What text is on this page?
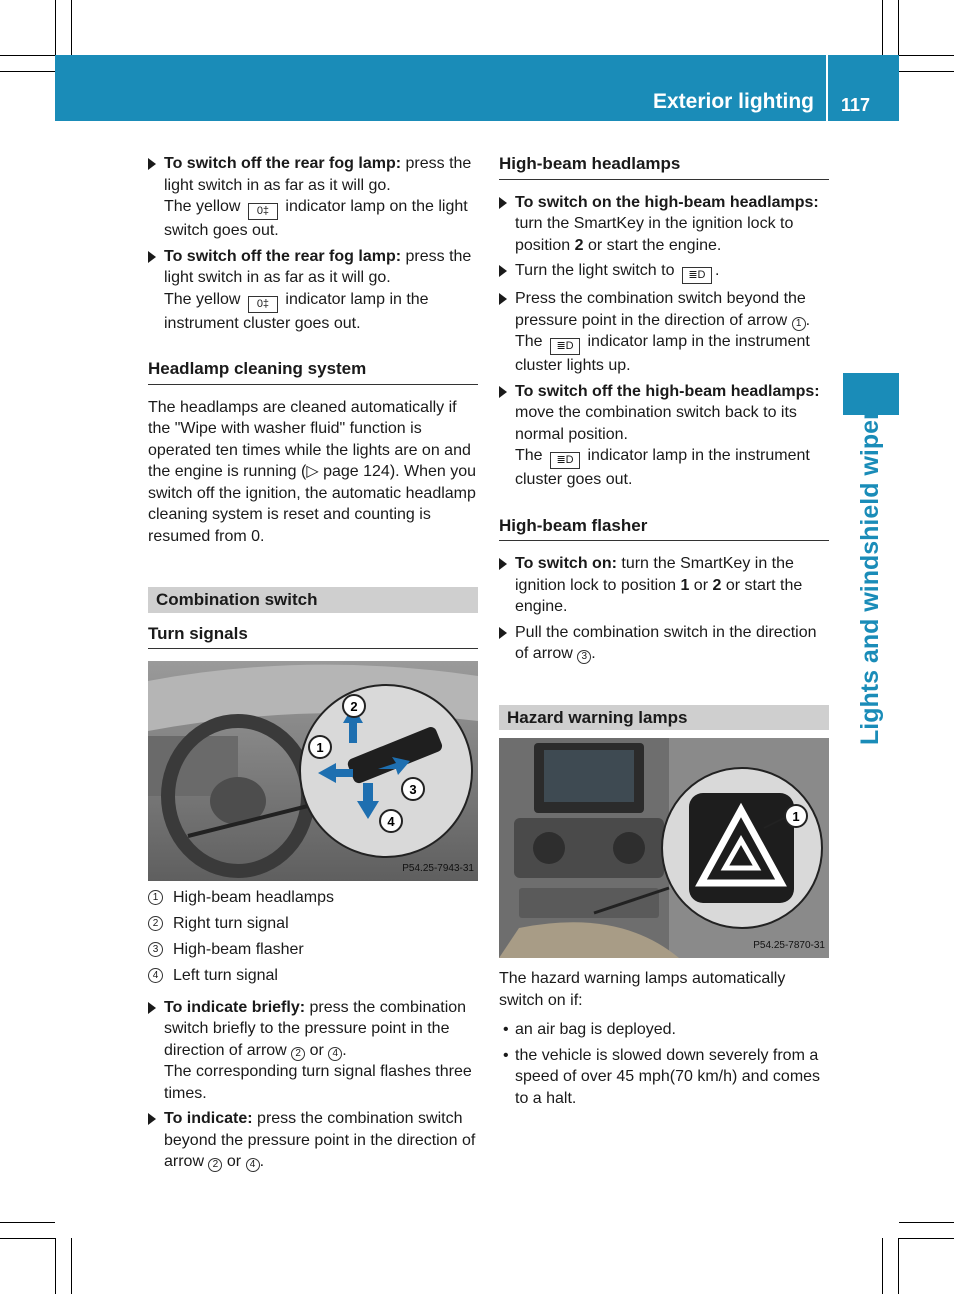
Exterior lighting 117
Lights and windshield wipers
To switch off the rear fog lamp: press the light switch in as far as it will go.
The yellow 0‡ indicator lamp on the light switch goes out.
To switch off the rear fog lamp: press the light switch in as far as it will go.
The yellow 0‡ indicator lamp in the instrument cluster goes out.
Headlamp cleaning system
The headlamps are cleaned automatically if the "Wipe with washer fluid" function is operated ten times while the lights are on and the engine is running (▷ page 124). When you switch off the ignition, the automatic headlamp cleaning system is reset and counting is resumed from 0.
Combination switch
Turn signals
2
1
3
4
P54.25-7943-31
1 High-beam headlamps
2 Right turn signal
3 High-beam flasher
4 Left turn signal
To indicate briefly: press the combination switch briefly to the pressure point in the direction of arrow 2 or 4 .
The corresponding turn signal flashes three times.
To indicate: press the combination switch beyond the pressure point in the direction of arrow 2 or 4 .
High-beam headlamps
To switch on the high-beam headlamps: turn the SmartKey in the ignition lock to position 2 or start the engine.
Turn the light switch to ≣D .
Press the combination switch beyond the pressure point in the direction of arrow 1 .
The ≣D indicator lamp in the instrument cluster lights up.
To switch off the high-beam headlamps: move the combination switch back to its normal position.
The ≣D indicator lamp in the instrument cluster goes out.
High-beam flasher
To switch on: turn the SmartKey in the ignition lock to position 1 or 2 or start the engine.
Pull the combination switch in the direction of arrow 3 .
Hazard warning lamps
1
P54.25-7870-31
The hazard warning lamps automatically switch on if:
• an air bag is deployed.
• the vehicle is slowed down severely from a speed of over 45 mph(70 km/h) and comes to a halt.
